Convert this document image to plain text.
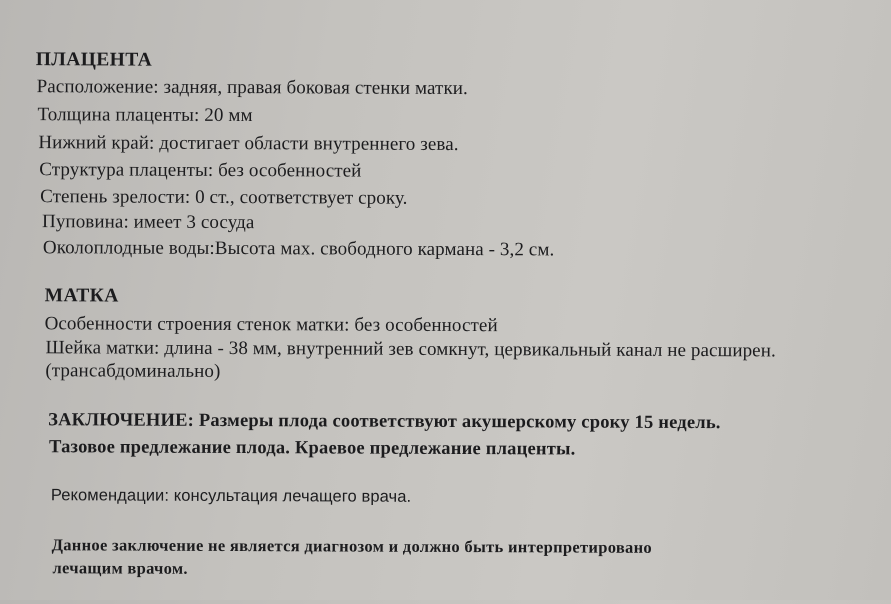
ПЛАЦЕНТА
Расположение: задняя, правая боковая стенки матки.
Толщина плаценты: 20 мм
Нижний край: достигает области внутреннего зева.
Структура плаценты: без особенностей
Степень зрелости: 0 ст., соответствует сроку.
Пуповина: имеет 3 сосуда
Околоплодные воды:Высота мах. свободного кармана - 3,2 см.
МАТКА
Особенности строения стенок матки: без особенностей
Шейка матки: длина - 38 мм, внутренний зев сомкнут, цервикальный канал не расширен.
(трансабдоминально)
ЗАКЛЮЧЕНИЕ: Размеры плода соответствуют акушерскому сроку 15 недель.
Тазовое предлежание плода. Краевое предлежание плаценты.
Рекомендации: консультация лечащего врача.
Данное заключение не является диагнозом и должно быть интерпретировано
лечащим врачом.
